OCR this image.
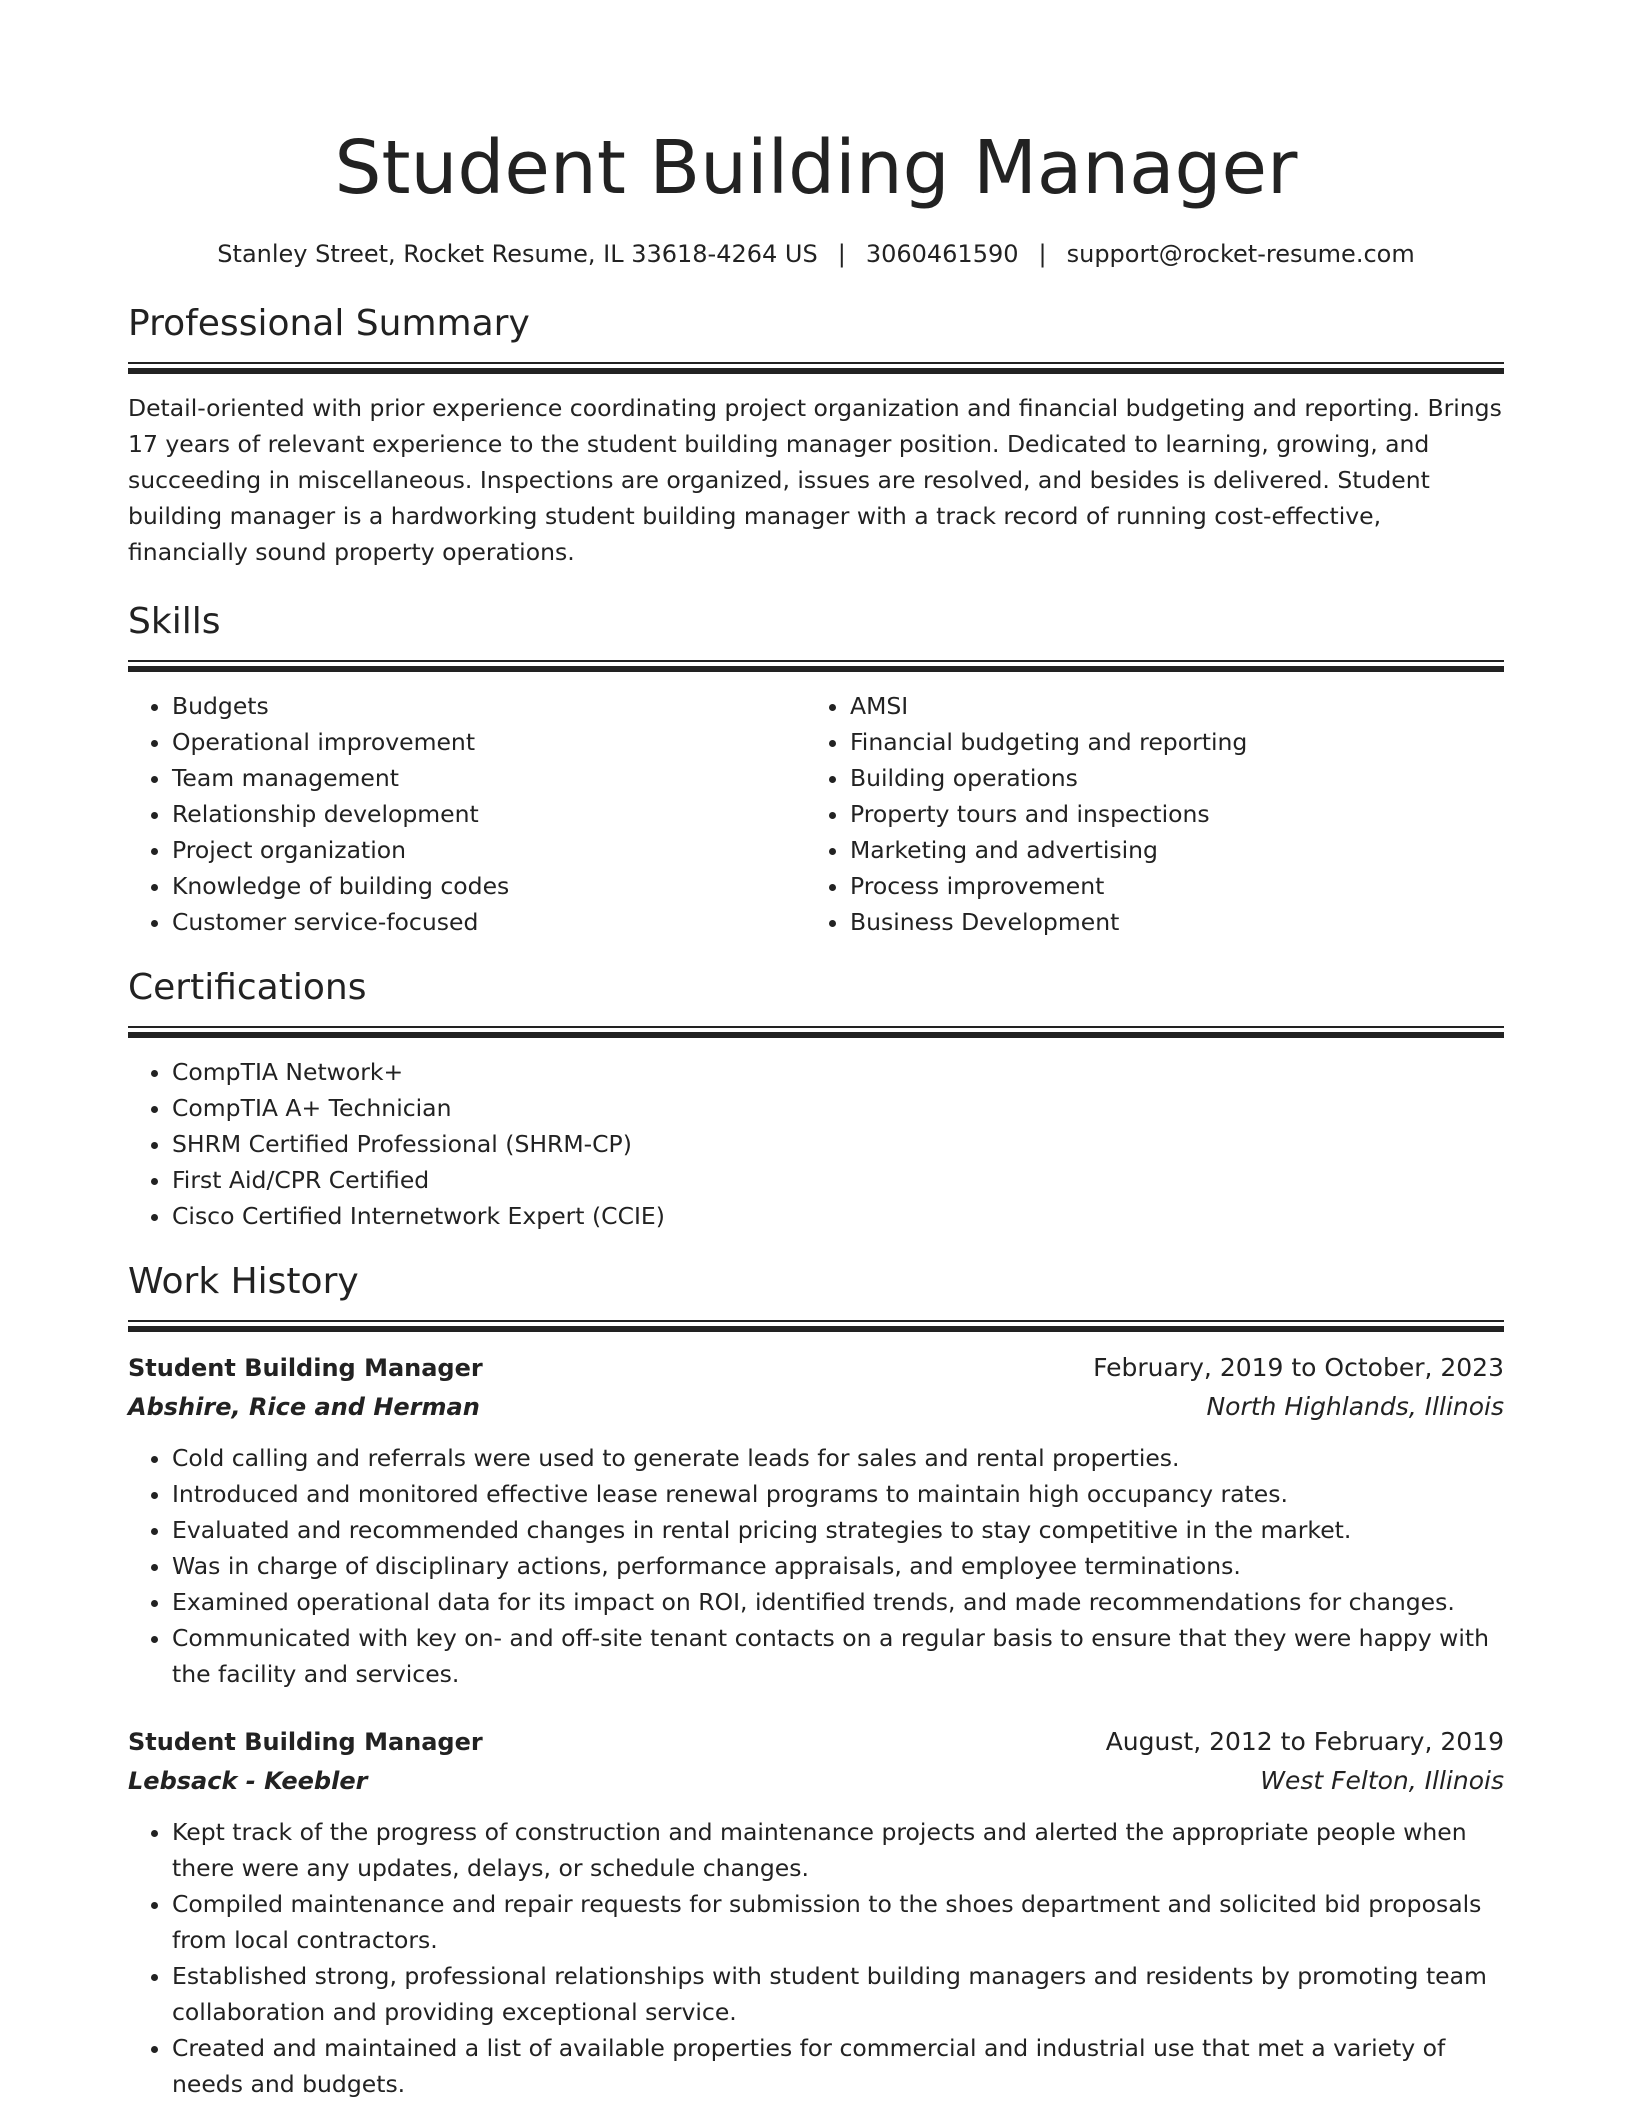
Student Building Manager
Stanley Street, Rocket Resume, IL 33618-4264 US | 3060461590 | support@rocket-resume.com
Professional Summary
Detail-oriented with prior experience coordinating project organization and financial budgeting and reporting. Brings 17 years of relevant experience to the student building manager position. Dedicated to learning, growing, and succeeding in miscellaneous. Inspections are organized, issues are resolved, and besides is delivered. Student building manager is a hardworking student building manager with a track record of running cost-effective, financially sound property operations.
Skills
• Budgets
• Operational improvement
• Team management
• Relationship development
• Project organization
• Knowledge of building codes
• Customer service-focused
• AMSI
• Financial budgeting and reporting
• Building operations
• Property tours and inspections
• Marketing and advertising
• Process improvement
• Business Development
Certifications
• CompTIA Network+
• CompTIA A+ Technician
• SHRM Certified Professional (SHRM-CP)
• First Aid/CPR Certified
• Cisco Certified Internetwork Expert (CCIE)
Work History
Student Building Manager	February, 2019 to October, 2023
Abshire, Rice and Herman	North Highlands, Illinois
• Cold calling and referrals were used to generate leads for sales and rental properties.
• Introduced and monitored effective lease renewal programs to maintain high occupancy rates.
• Evaluated and recommended changes in rental pricing strategies to stay competitive in the market.
• Was in charge of disciplinary actions, performance appraisals, and employee terminations.
• Examined operational data for its impact on ROI, identified trends, and made recommendations for changes.
• Communicated with key on- and off-site tenant contacts on a regular basis to ensure that they were happy with the facility and services.
Student Building Manager	August, 2012 to February, 2019
Lebsack - Keebler	West Felton, Illinois
• Kept track of the progress of construction and maintenance projects and alerted the appropriate people when there were any updates, delays, or schedule changes.
• Compiled maintenance and repair requests for submission to the shoes department and solicited bid proposals from local contractors.
• Established strong, professional relationships with student building managers and residents by promoting team collaboration and providing exceptional service.
• Created and maintained a list of available properties for commercial and industrial use that met a variety of needs and budgets.
